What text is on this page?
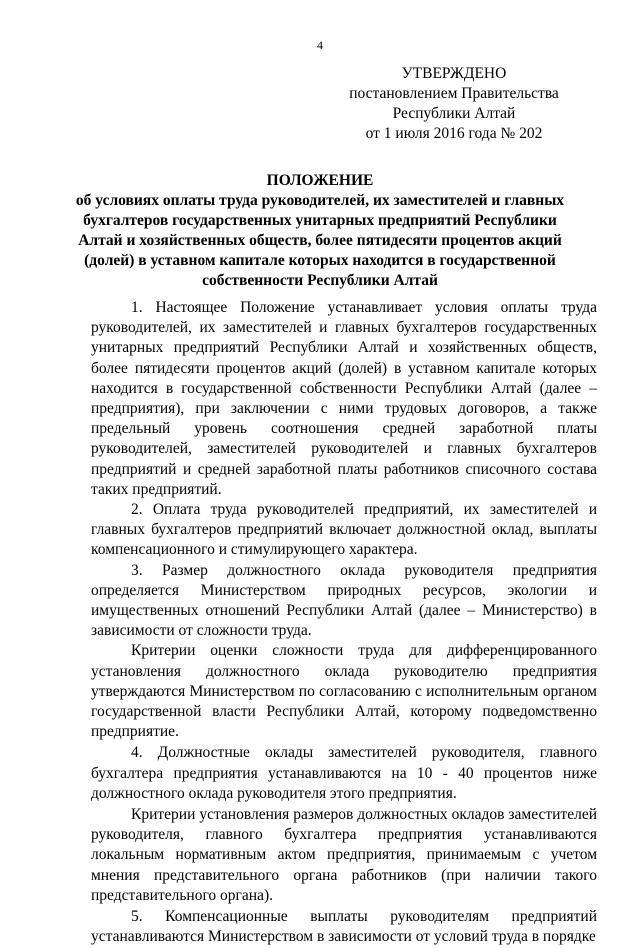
4
УТВЕРЖДЕНО
постановлением Правительства
Республики Алтай
от 1 июля 2016 года № 202
ПОЛОЖЕНИЕ
об условиях оплаты труда руководителей, их заместителей и главных
бухгалтеров государственных унитарных предприятий Республики
Алтай и хозяйственных обществ, более пятидесяти процентов акций
(долей) в уставном капитале которых находится в государственной
собственности Республики Алтай

1. Настоящее Положение устанавливает условия оплаты труда руководителей, их заместителей и главных бухгалтеров государственных унитарных предприятий Республики Алтай и хозяйственных обществ, более пятидесяти процентов акций (долей) в уставном капитале которых находится в государственной собственности Республики Алтай (далее – предприятия), при заключении с ними трудовых договоров, а также предельный уровень соотношения средней заработной платы руководителей, заместителей руководителей и главных бухгалтеров предприятий и средней заработной платы работников списочного состава таких предприятий.

2. Оплата труда руководителей предприятий, их заместителей и главных бухгалтеров предприятий включает должностной оклад, выплаты компенсационного и стимулирующего характера.

3. Размер должностного оклада руководителя предприятия определяется Министерством природных ресурсов, экологии и имущественных отношений Республики Алтай (далее – Министерство) в зависимости от сложности труда.

Критерии оценки сложности труда для дифференцированного установления должностного оклада руководителю предприятия утверждаются Министерством по согласованию с исполнительным органом государственной власти Республики Алтай, которому подведомственно предприятие.

4. Должностные оклады заместителей руководителя, главного бухгалтера предприятия устанавливаются на 10 - 40 процентов ниже должностного оклада руководителя этого предприятия.

Критерии установления размеров должностных окладов заместителей руководителя, главного бухгалтера предприятия устанавливаются локальным нормативным актом предприятия, принимаемым с учетом мнения представительного органа работников (при наличии такого представительного органа).

5. Компенсационные выплаты руководителям предприятий устанавливаются Министерством в зависимости от условий труда в порядке
